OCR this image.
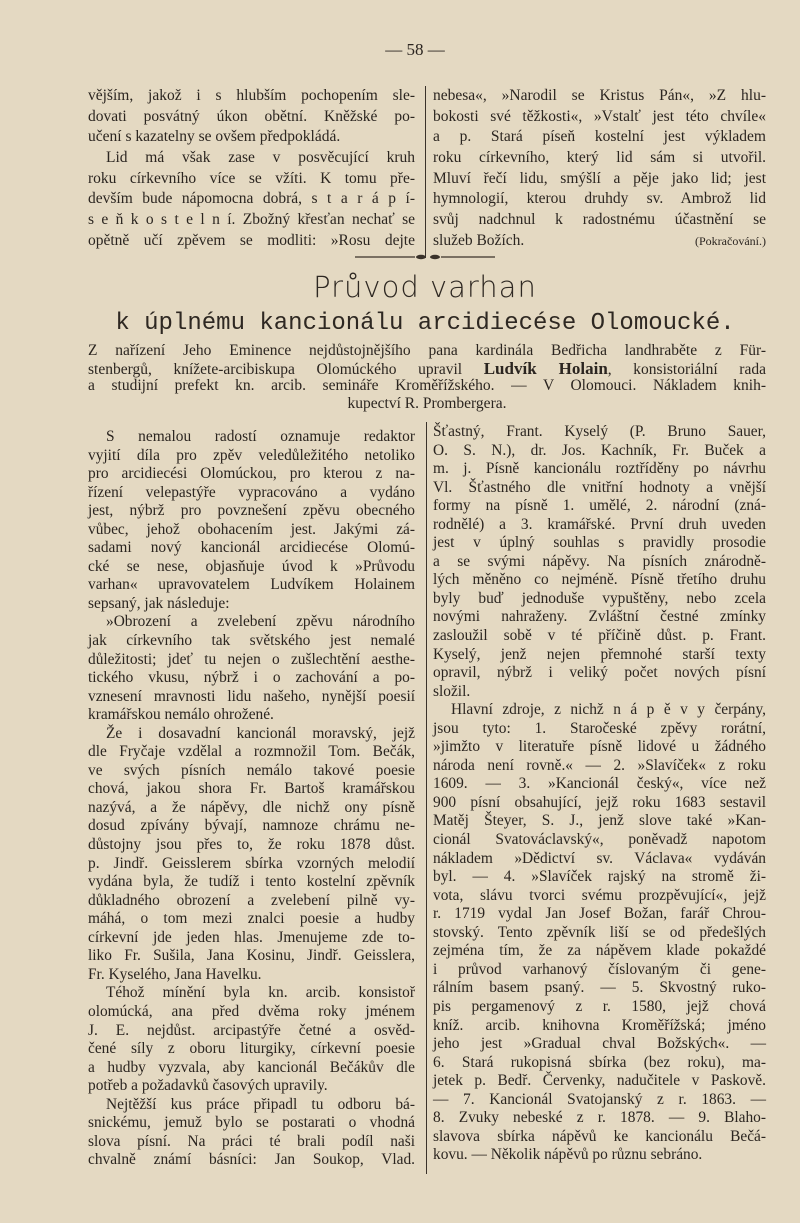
— 58 —
vějším, jakož i s hlubším pochopením sle-
dovati posvátný úkon obětní. Kněžské po-
učení s kazatelny se ovšem předpokládá.
Lid má však zase v posvěcující kruh
roku církevního více se vžíti. K tomu pře-
devším bude nápomocna dobrá, s t a r á p í-
s e ň k o s t e l n í. Zbožný křesťan nechať se
opětně učí zpěvem se modliti: »Rosu dejte
nebesa«, »Narodil se Kristus Pán«, »Z hlu-
bokosti své těžkosti«, »Vstalť jest této chvíle«
a p. Stará píseň kostelní jest výkladem
roku církevního, který lid sám si utvořil.
Mluví řečí lidu, smýšlí a pěje jako lid; jest
hymnologií, kterou druhdy sv. Ambrož lid
svůj nadchnul k radostnému účastnění se
služeb Božích.	(Pokračování.)
Průvod varhan
k úplnému kancionálu arcidiecése Olomoucké.
Z nařízení Jeho Eminence nejdůstojnějšího pana kardinála Bedřicha landhraběte z Für-
stenbergů, knížete-arcibiskupa Olomúckého upravil Ludvík Holain, konsistoriální rada
a studijní prefekt kn. arcib. semináře Kroměřížského. — V Olomouci. Nákladem knih-
kupectví R. Prombergera.
S nemalou radostí oznamuje redaktor
vyjití díla pro zpěv veledůležitého netoliko
pro arcidiecési Olomúckou, pro kterou z na-
řízení velepastýře vypracováno a vydáno
jest, nýbrž pro povznešení zpěvu obecného
vůbec, jehož obohacením jest. Jakými zá-
sadami nový kancionál arcidiecése Olomú-
cké se nese, objasňuje úvod k »Průvodu
varhan« upravovatelem Ludvíkem Holainem
sepsaný, jak následuje:
»Obrození a zvelebení zpěvu národního
jak církevního tak světského jest nemalé
důležitosti; jdeť tu nejen o zušlechtění aesthe-
tického vkusu, nýbrž i o zachování a po-
vznesení mravnosti lidu našeho, nynější poesií
kramářskou nemálo ohrožené.
Že i dosavadní kancionál moravský, jejž
dle Fryčaje vzdělal a rozmnožil Tom. Bečák,
ve svých písních nemálo takové poesie
chová, jakou shora Fr. Bartoš kramářskou
nazývá, a že nápěvy, dle nichž ony písně
dosud zpívány bývají, namnoze chrámu ne-
důstojny jsou přes to, že roku 1878 důst.
p. Jindř. Geisslerem sbírka vzorných melodií
vydána byla, že tudíž i tento kostelní zpěvník
důkladného obrození a zvelebení pilně vy-
máhá, o tom mezi znalci poesie a hudby
církevní jde jeden hlas. Jmenujeme zde to-
liko Fr. Sušila, Jana Kosinu, Jindř. Geisslera,
Fr. Kyselého, Jana Havelku.
Téhož mínění byla kn. arcib. konsistoř
olomúcká, ana před dvěma roky jménem
J. E. nejdůst. arcipastýře četné a osvěd-
čené síly z oboru liturgiky, církevní poesie
a hudby vyzvala, aby kancionál Bečákův dle
potřeb a požadavků časových upravily.
Nejtěžší kus práce připadl tu odboru bá-
snickému, jemuž bylo se postarati o vhodná
slova písní. Na práci té brali podíl naši
chvalně známí básníci: Jan Soukop, Vlad.
Šťastný, Frant. Kyselý (P. Bruno Sauer,
O. S. N.), dr. Jos. Kachník, Fr. Buček a
m. j. Písně kancionálu roztříděny po návrhu
Vl. Šťastného dle vnitřní hodnoty a vnější
formy na písně 1. umělé, 2. národní (zná-
rodnělé) a 3. kramářské. První druh uveden
jest v úplný souhlas s pravidly prosodie
a se svými nápěvy. Na písních znárodně-
lých měněno co nejméně. Písně třetího druhu
byly buď jednoduše vypuštěny, nebo zcela
novými nahraženy. Zvláštní čestné zmínky
zasloužil sobě v té příčině důst. p. Frant.
Kyselý, jenž nejen přemnohé starší texty
opravil, nýbrž i veliký počet nových písní
složil.
Hlavní zdroje, z nichž n á p ě v y čerpány,
jsou tyto: 1. Staročeské zpěvy rorátní,
»jimžto v literatuře písně lidové u žádného
národa není rovně.« — 2. »Slavíček« z roku
1609. — 3. »Kancionál český«, více než
900 písní obsahující, jejž roku 1683 sestavil
Matěj Šteyer, S. J., jenž slove také »Kan-
cionál Svatováclavský«, poněvadž napotom
nákladem »Dědictví sv. Václava« vydáván
byl. — 4. »Slavíček rajský na stromě ži-
vota, slávu tvorci svému prozpěvující«, jejž
r. 1719 vydal Jan Josef Božan, farář Chrou-
stovský. Tento zpěvník liší se od předešlých
zejména tím, že za nápěvem klade pokaždé
i průvod varhanový číslovaným či gene-
rálním basem psaný. — 5. Skvostný ruko-
pis pergamenový z r. 1580, jejž chová
kníž. arcib. knihovna Kroměřížská; jméno
jeho jest »Gradual chval Božských«. —
6. Stará rukopisná sbírka (bez roku), ma-
jetek p. Bedř. Červenky, nadučitele v Paskově.
— 7. Kancionál Svatojanský z r. 1863. —
8. Zvuky nebeské z r. 1878. — 9. Blaho-
slavova sbírka nápěvů ke kancionálu Bečá-
kovu. — Několik nápěvů po různu sebráno.
